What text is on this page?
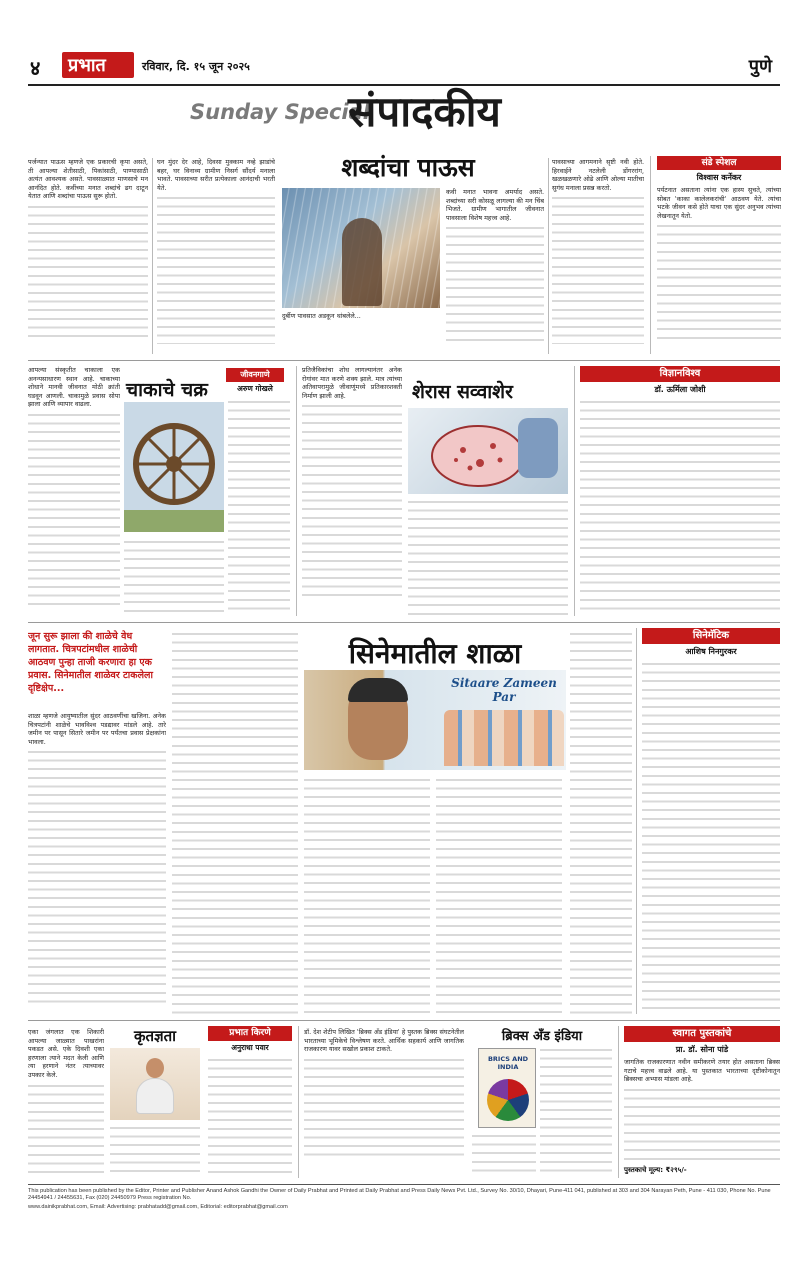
४ प्रभात	रविवार, दि. १५ जून २०२५	पुणे
Sunday Special
संपादकीय
शब्दांचा पाऊस
पर्जन्यात पाऊस म्हणजे एक प्रकारची कृपा असते, ती आपल्या शेतीसाठी, पिकांसाठी, पाण्यासाठी अत्यंत आवश्यक असते. पावसाळ्यात माणसाचे मन आनंदित होते. कवींच्या मनात शब्दांचे ढग दाटून येतात आणि शब्दांचा पाऊस सुरू होतो.
घन मुंदर देर आहे, दिवसा मुक्काम नव्हे झाडांचे बहर, घर विनाव्य ग्रामीण निसर्ग सौंदर्य मनाला भावते. पावसाच्या सरीत प्रत्येकाला आनंदाची भरती येते.
दुर्बीण पावसात अडकून थांबलेले...
कवी मनात भावना अमर्याद असते. शब्दांच्या सरी कोसळू लागल्या की मन चिंब भिजते. ग्रामीण भागातील जीवनात पावसाला विशेष महत्त्व आहे.
पावसाच्या आगमनाने सृष्टी नवी होते. हिरवाईने नटलेली डोंगररांग, खळखळणारे ओढे आणि ओल्या मातीचा सुगंध मनाला प्रसन्न करतो.
संडे स्पेशल
विश्वास कर्नेकर
पर्यटनात असताना त्यांना एक हास्य सुचते, त्यांच्या सोबत 'काका कालेलकरांची' आठवण येते. त्यांचा भटके जीवन कसे होते याचा एक सुंदर अनुभव त्यांच्या लेखनातून येतो.
आपल्या संस्कृतीत चाकाला एक अनन्यसाधारण स्थान आहे. चाकाच्या शोधाने मानवी जीवनात मोठी क्रांती घडवून आणली. चाकामुळे प्रवास सोपा झाला आणि व्यापार वाढला.
चाकाचे चक्र
जीवनगाणे
अरुण गोखले
प्रतिजैविकांचा शोध लागल्यानंतर अनेक रोगांवर मात करणे शक्य झाले. मात्र त्यांच्या अतिवापरामुळे जीवाणूंमध्ये प्रतिकारशक्ती निर्माण झाली आहे.	शेरास सव्वाशेर
विज्ञानविश्व
डॉ. ऊर्मिला जोशी
जून सुरू झाला की शाळेचे वेध लागतात. चित्रपटांमधील शाळेची आठवण पुन्हा ताजी करणारा हा एक प्रवास. सिनेमातील शाळेवर टाकलेला दृष्टिक्षेप...
शाळा म्हणजे आयुष्यातील सुंदर आठवणींचा खजिना. अनेक चित्रपटांनी शाळेचे भावविश्व पडद्यावर मांडले आहे. तारे जमीन पर पासून सितारे जमीन पर पर्यंतचा प्रवास प्रेक्षकांना भावला.
सिनेमातील शाळा
Sitaare Zameen Par
सिनेमॅटिक
आशिष निनगुरकर
एका जंगलात एक शिकारी आपल्या जाळ्यात पाखरांना पकडत असे. एके दिवशी एका हरणाला त्याने मदत केली आणि त्या हरणाने नंतर त्याच्यावर उपकार केले.
कृतज्ञता	प्रभात किरणे
अनुराधा पवार
डॉ. देश शेटीप लिखित 'ब्रिक्स अँड इंडिया' हे पुस्तक ब्रिक्स संघटनेतील भारताच्या भूमिकेचे विश्लेषण करते. आर्थिक सहकार्य आणि जागतिक राजकारण यावर सखोल प्रकाश टाकते.
ब्रिक्स अँड इंडिया
BRICS AND INDIA
स्वागत पुस्तकांचे
प्रा. डॉ. सोना पांडे
जागतिक राजकारणात नवीन समीकरणे तयार होत असताना ब्रिक्स गटाचे महत्त्व वाढले आहे. या पुस्तकात भारताच्या दृष्टीकोनातून ब्रिक्सचा अभ्यास मांडला आहे.
पुस्तकाचे मूल्य: ₹२९५/-
This publication has been published by the Editor, Printer and Publisher Anand Ashok Gandhi the Owner of Daily Prabhat and Printed at Daily Prabhat and Press Daily News Pvt. Ltd., Survey No. 30/10, Dhayari, Pune-411 041, published at 303 and 304 Narayan Peth, Pune - 411 030, Phone No. Pune 24454941 / 24455631, Fax (020) 24450979 Press registration No.
www.dainikprabhat.com, Email: Advertising: prabhatadd@gmail.com, Editorial: editorprabhat@gmail.com
